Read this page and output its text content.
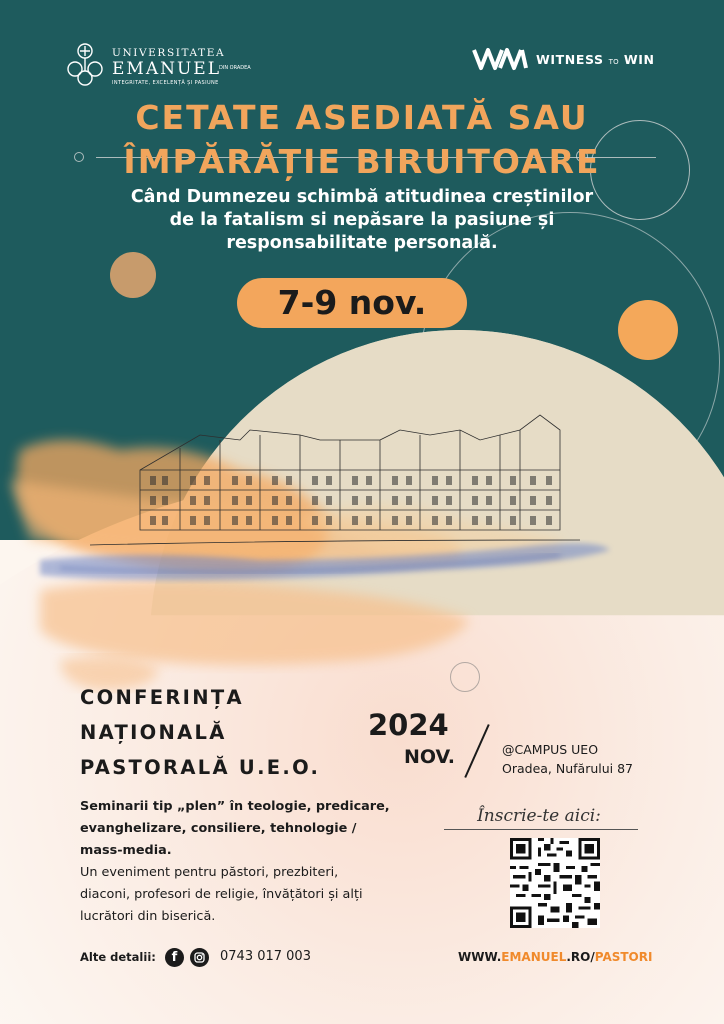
UNIVERSITATEA
EMANUEL
DIN ORADEA
INTEGRITATE, EXCELENȚĂ ȘI PASIUNE
WITNESS TO WIN
CETATE ASEDIATĂ SAU
ÎMPĂRĂȚIE BIRUITOARE
Când Dumnezeu schimbă atitudinea creștinilor
de la fatalism si nepăsare la pasiune și
responsabilitate personală.
7-9 nov.
CONFERINȚA
NAȚIONALĂ
PASTORALĂ U.E.O.
2024
NOV.	@CAMPUS UEO
Oradea, Nufărului 87
Seminarii tip „plen” în teologie, predicare,
evanghelizare, consiliere, tehnologie /
mass-media.
Un eveniment pentru păstori, prezbiteri,
diaconi, profesori de religie, învățători și alți
lucrători din biserică.
Înscrie-te aici:
Alte detalii:	f	0743 017 003	WWW.EMANUEL.RO/PASTORI
